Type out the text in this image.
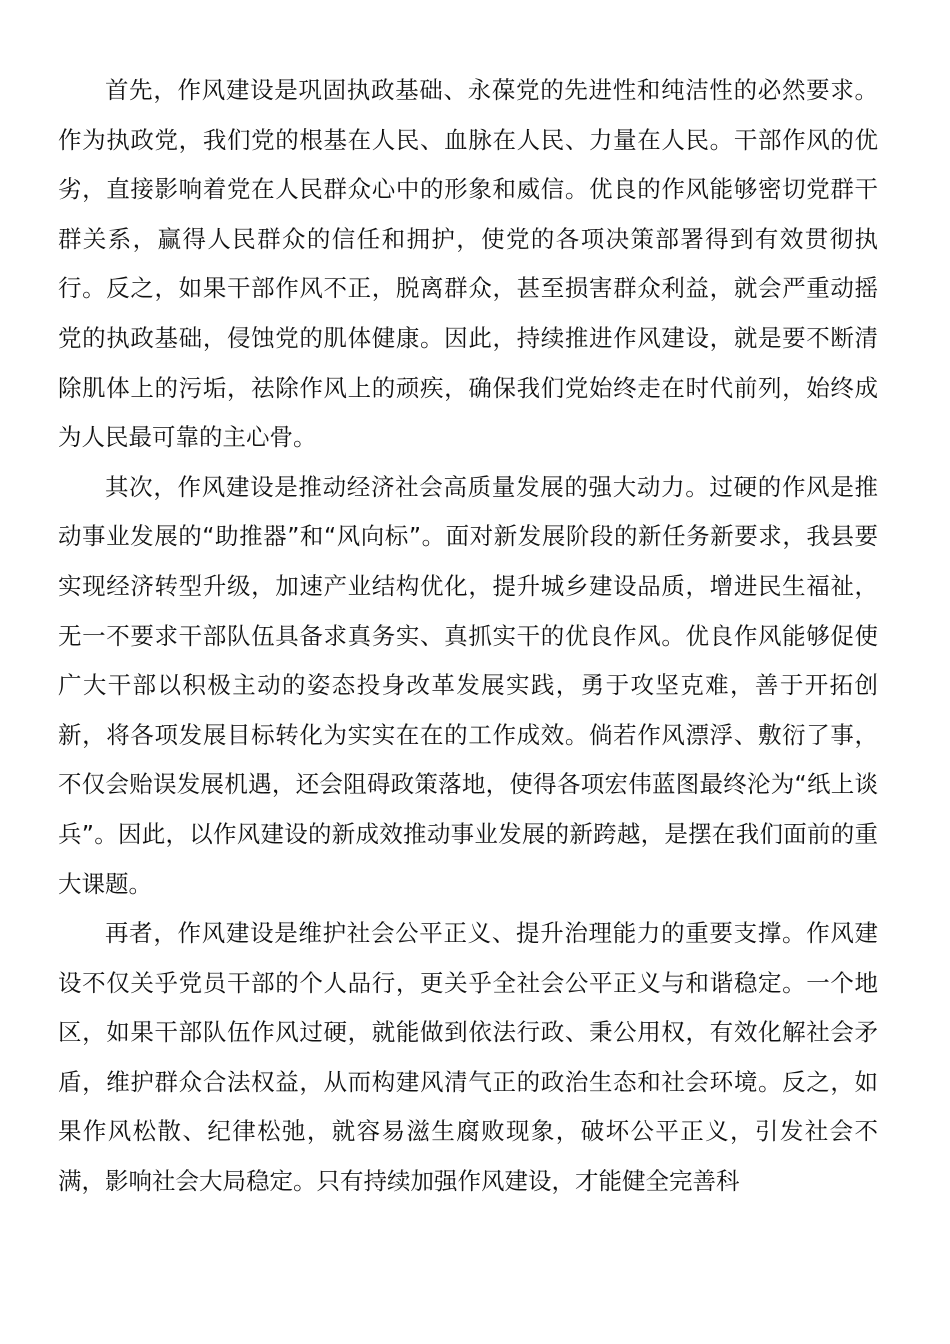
首先，作风建设是巩固执政基础、永葆党的先进性和纯洁性的必然要求。作为执政党，我们党的根基在人民、血脉在人民、力量在人民。干部作风的优劣，直接影响着党在人民群众心中的形象和威信。优良的作风能够密切党群干群关系，赢得人民群众的信任和拥护，使党的各项决策部署得到有效贯彻执行。反之，如果干部作风不正，脱离群众，甚至损害群众利益，就会严重动摇党的执政基础，侵蚀党的肌体健康。因此，持续推进作风建设，就是要不断清除肌体上的污垢，祛除作风上的顽疾，确保我们党始终走在时代前列，始终成为人民最可靠的主心骨。

其次，作风建设是推动经济社会高质量发展的强大动力。过硬的作风是推动事业发展的“助推器”和“风向标”。面对新发展阶段的新任务新要求，我县要实现经济转型升级，加速产业结构优化，提升城乡建设品质，增进民生福祉，无一不要求干部队伍具备求真务实、真抓实干的优良作风。优良作风能够促使广大干部以积极主动的姿态投身改革发展实践，勇于攻坚克难，善于开拓创新，将各项发展目标转化为实实在在的工作成效。倘若作风漂浮、敷衍了事，不仅会贻误发展机遇，还会阻碍政策落地，使得各项宏伟蓝图最终沦为“纸上谈兵”。因此，以作风建设的新成效推动事业发展的新跨越，是摆在我们面前的重大课题。

再者，作风建设是维护社会公平正义、提升治理能力的重要支撑。作风建设不仅关乎党员干部的个人品行，更关乎全社会公平正义与和谐稳定。一个地区，如果干部队伍作风过硬，就能做到依法行政、秉公用权，有效化解社会矛盾，维护群众合法权益，从而构建风清气正的政治生态和社会环境。反之，如果作风松散、纪律松弛，就容易滋生腐败现象，破坏公平正义，引发社会不满，影响社会大局稳定。只有持续加强作风建设，才能健全完善科
